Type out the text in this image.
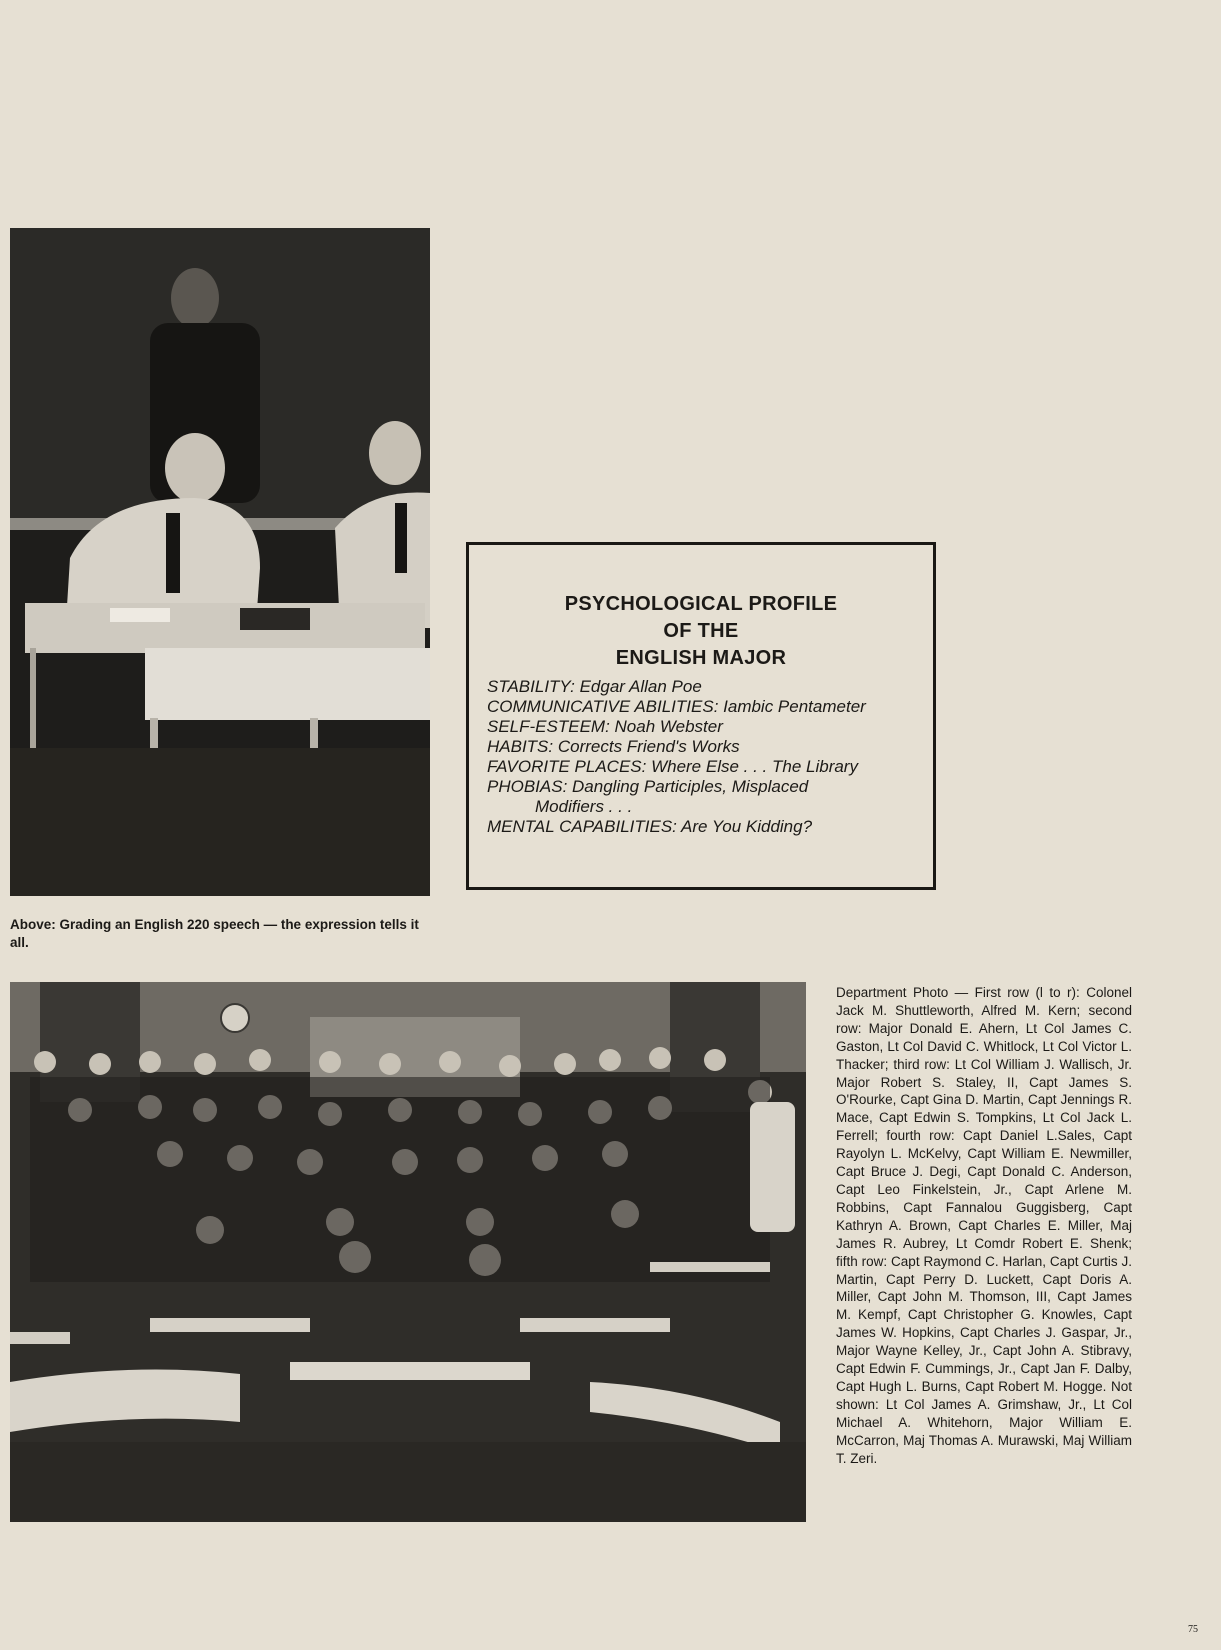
Above: Grading an English 220 speech — the expression tells it all.
PSYCHOLOGICAL PROFILE
OF THE
ENGLISH MAJOR
STABILITY: Edgar Allan Poe
COMMUNICATIVE ABILITIES: Iambic Pentameter
SELF-ESTEEM: Noah Webster
HABITS: Corrects Friend's Works
FAVORITE PLACES: Where Else . . . The Library
PHOBIAS: Dangling Participles, Misplaced
Modifiers . . .
MENTAL CAPABILITIES: Are You Kidding?
Department Photo — First row (l to r): Colonel Jack M. Shuttleworth, Alfred M. Kern; second row: Major Donald E. Ahern, Lt Col James C. Gaston, Lt Col David C. Whitlock, Lt Col Victor L. Thacker; third row: Lt Col William J. Wallisch, Jr. Major Robert S. Staley, II, Capt James S. O'Rourke, Capt Gina D. Martin, Capt Jennings R. Mace, Capt Edwin S. Tompkins, Lt Col Jack L. Ferrell; fourth row: Capt Daniel L.Sales, Capt Rayolyn L. McKelvy, Capt William E. Newmiller, Capt Bruce J. Degi, Capt Donald C. Anderson, Capt Leo Finkelstein, Jr., Capt Arlene M. Robbins, Capt Fannalou Guggisberg, Capt Kathryn A. Brown, Capt Charles E. Miller, Maj James R. Aubrey, Lt Comdr Robert E. Shenk; fifth row: Capt Raymond C. Harlan, Capt Curtis J. Martin, Capt Perry D. Luckett, Capt Doris A. Miller, Capt John M. Thomson, III, Capt James M. Kempf, Capt Christopher G. Knowles, Capt James W. Hopkins, Capt Charles J. Gaspar, Jr., Major Wayne Kelley, Jr., Capt John A. Stibravy, Capt Edwin F. Cummings, Jr., Capt Jan F. Dalby, Capt Hugh L. Burns, Capt Robert M. Hogge. Not shown: Lt Col James A. Grimshaw, Jr., Lt Col Michael A. Whitehorn, Major William E. McCarron, Maj Thomas A. Murawski, Maj William T. Zeri.
75
